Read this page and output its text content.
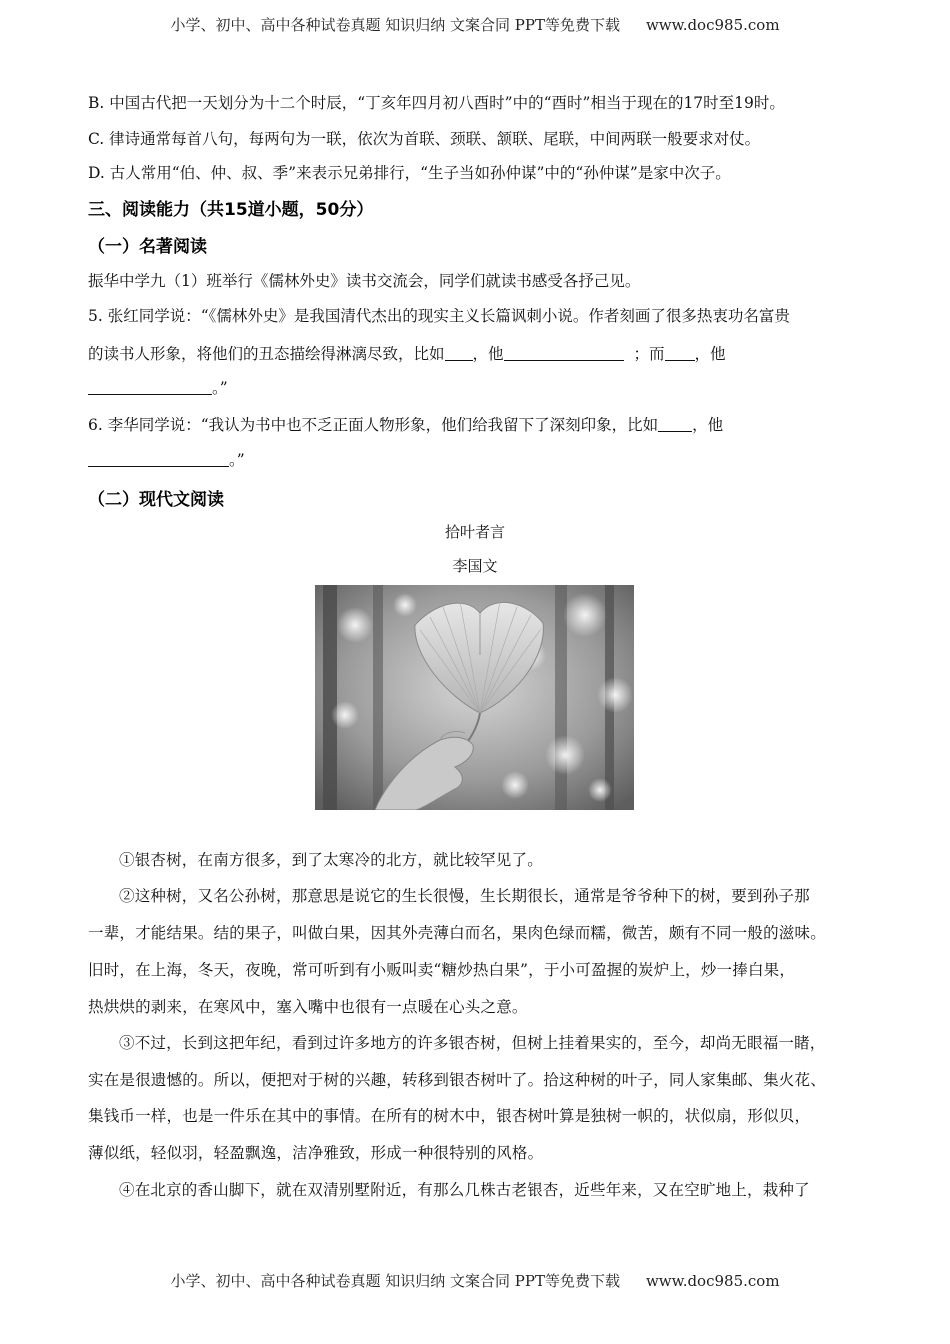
小学、初中、高中各种试卷真题 知识归纳 文案合同 PPT等免费下载 www.doc985.com
B. 中国古代把一天划分为十二个时辰，“丁亥年四月初八酉时”中的“酉时”相当于现在的17时至19时。
C. 律诗通常每首八句，每两句为一联，依次为首联、颈联、颔联、尾联，中间两联一般要求对仗。
D. 古人常用“伯、仲、叔、季”来表示兄弟排行，“生子当如孙仲谋”中的“孙仲谋”是家中次子。
三、阅读能力（共15道小题，50分）
（一）名著阅读
振华中学九（1）班举行《儒林外史》读书交流会，同学们就读书感受各抒己见。
5. 张红同学说：“《儒林外史》是我国清代杰出的现实主义长篇讽刺小说。作者刻画了很多热衷功名富贵
的读书人形象，将他们的丑态描绘得淋漓尽致，比如 ，他	；而 ，他
。”
6. 李华同学说：“我认为书中也不乏正面人物形象，他们给我留下了深刻印象，比如 ，他
。”
（二）现代文阅读
拾叶者言
李国文
①银杏树，在南方很多，到了太寒冷的北方，就比较罕见了。
②这种树，又名公孙树，那意思是说它的生长很慢，生长期很长，通常是爷爷种下的树，要到孙子那
一辈，才能结果。结的果子，叫做白果，因其外壳薄白而名，果肉色绿而糯，微苦，颇有不同一般的滋味。
旧时，在上海，冬天，夜晚，常可听到有小贩叫卖“糖炒热白果”，于小可盈握的炭炉上，炒一捧白果，
热烘烘的剥来，在寒风中，塞入嘴中也很有一点暖在心头之意。
③不过，长到这把年纪，看到过许多地方的许多银杏树，但树上挂着果实的，至今，却尚无眼福一睹，
实在是很遗憾的。所以，便把对于树的兴趣，转移到银杏树叶了。拾这种树的叶子，同人家集邮、集火花、
集钱币一样，也是一件乐在其中的事情。在所有的树木中，银杏树叶算是独树一帜的，状似扇，形似贝，
薄似纸，轻似羽，轻盈飘逸，洁净雅致，形成一种很特别的风格。
④在北京的香山脚下，就在双清别墅附近，有那么几株古老银杏，近些年来，又在空旷地上，栽种了
小学、初中、高中各种试卷真题 知识归纳 文案合同 PPT等免费下载 www.doc985.com
